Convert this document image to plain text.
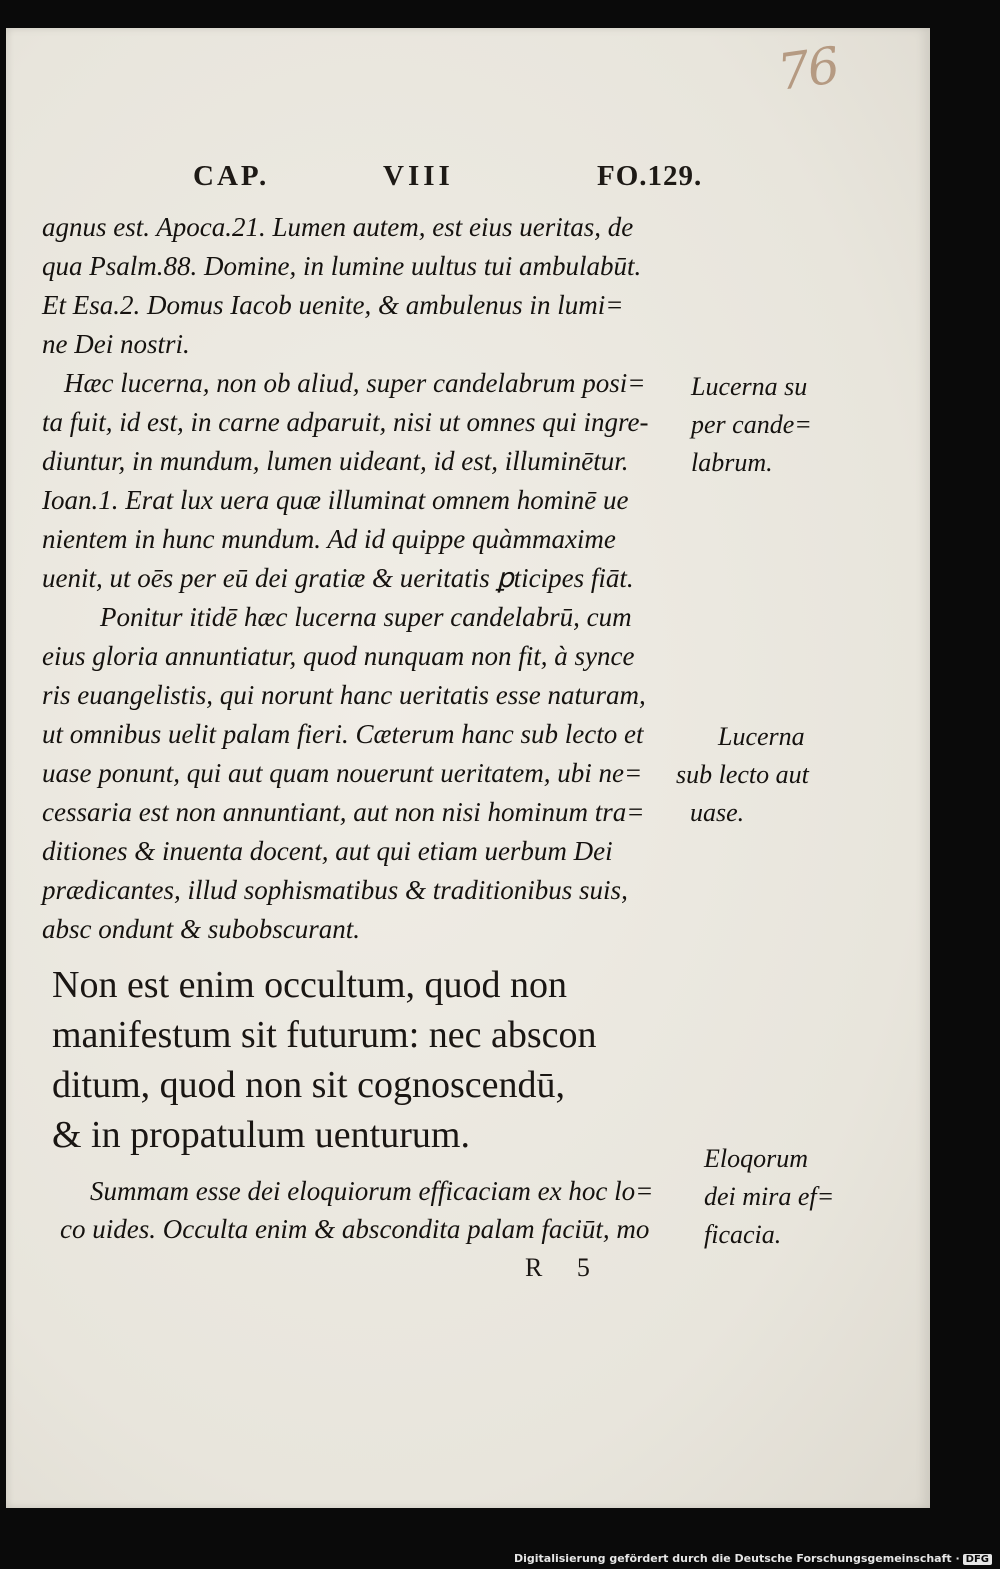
76
CAP.	VIII	FO.129.
agnus est. Apoca.21. Lumen autem, est eius ueritas, de
qua Psalm.88. Domine, in lumine uultus tui ambulabūt.
Et Esa.2. Domus Iacob uenite, & ambulenus in lumi=
ne Dei nostri.
Hæc lucerna, non ob aliud, super candelabrum posi=
ta fuit, id est, in carne adparuit, nisi ut omnes qui ingre-
diuntur, in mundum, lumen uideant, id est, illuminētur.
Ioan.1. Erat lux uera quæ illuminat omnem hominē ue
nientem in hunc mundum. Ad id quippe quàmmaxime
uenit, ut oēs per eū dei gratiæ & ueritatis ꝑticipes fiāt.
Ponitur itidē hæc lucerna super candelabrū, cum
eius gloria annuntiatur, quod nunquam non fit, à synce
ris euangelistis, qui norunt hanc ueritatis esse naturam,
ut omnibus uelit palam fieri. Cæterum hanc sub lecto et
uase ponunt, qui aut quam nouerunt ueritatem, ubi ne=
cessaria est non annuntiant, aut non nisi hominum tra=
ditiones & inuenta docent, aut qui etiam uerbum Dei
prædicantes, illud sophismatibus & traditionibus suis,
absc ondunt & subobscurant.
Non est enim occultum, quod non
manifestum sit futurum: nec abscon
ditum, quod non sit cognoscendū,
& in propatulum uenturum.
Summam esse dei eloquiorum efficaciam ex hoc lo=
co uides. Occulta enim & abscondita palam faciūt, mo
R 5
Lucerna su
per cande=
labrum.
Lucerna
sub lecto aut
uase.
Eloqorum
dei mira ef=
ficacia.
Digitalisierung gefördert durch die Deutsche Forschungsgemeinschaft · DFG
